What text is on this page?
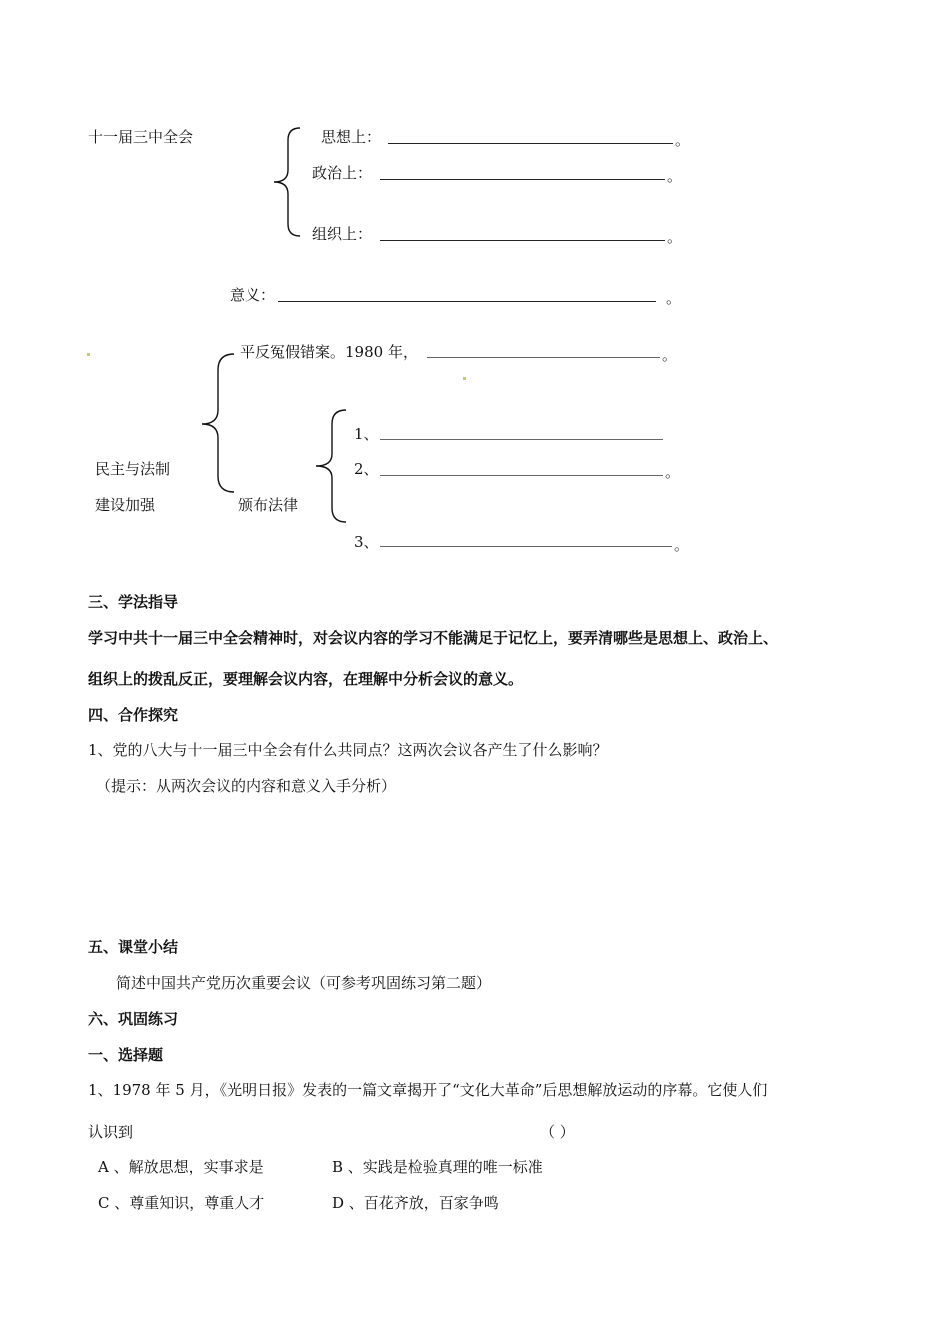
十一届三中全会	思想上：	。
政治上：	。
组织上：	。
意义：	。
平反冤假错案。1980 年，	。
民主与法制
建设加强	颁布法律
1、
2、	。
3、	。
三、学法指导
学习中共十一届三中全会精神时，对会议内容的学习不能满足于记忆上，要弄清哪些是思想上、政治上、
组织上的拨乱反正，要理解会议内容，在理解中分析会议的意义。
四、合作探究
1、党的八大与十一届三中全会有什么共同点？这两次会议各产生了什么影响？
（提示：从两次会议的内容和意义入手分析）
五、课堂小结
简述中国共产党历次重要会议（可参考巩固练习第二题）
六、巩固练习
一、选择题
1、1978 年 5 月，《光明日报》发表的一篇文章揭开了“文化大革命”后思想解放运动的序幕。它使人们
认识到	（ ）
A 、解放思想，实事求是	B 、实践是检验真理的唯一标准
C 、尊重知识，尊重人才	D 、百花齐放，百家争鸣
